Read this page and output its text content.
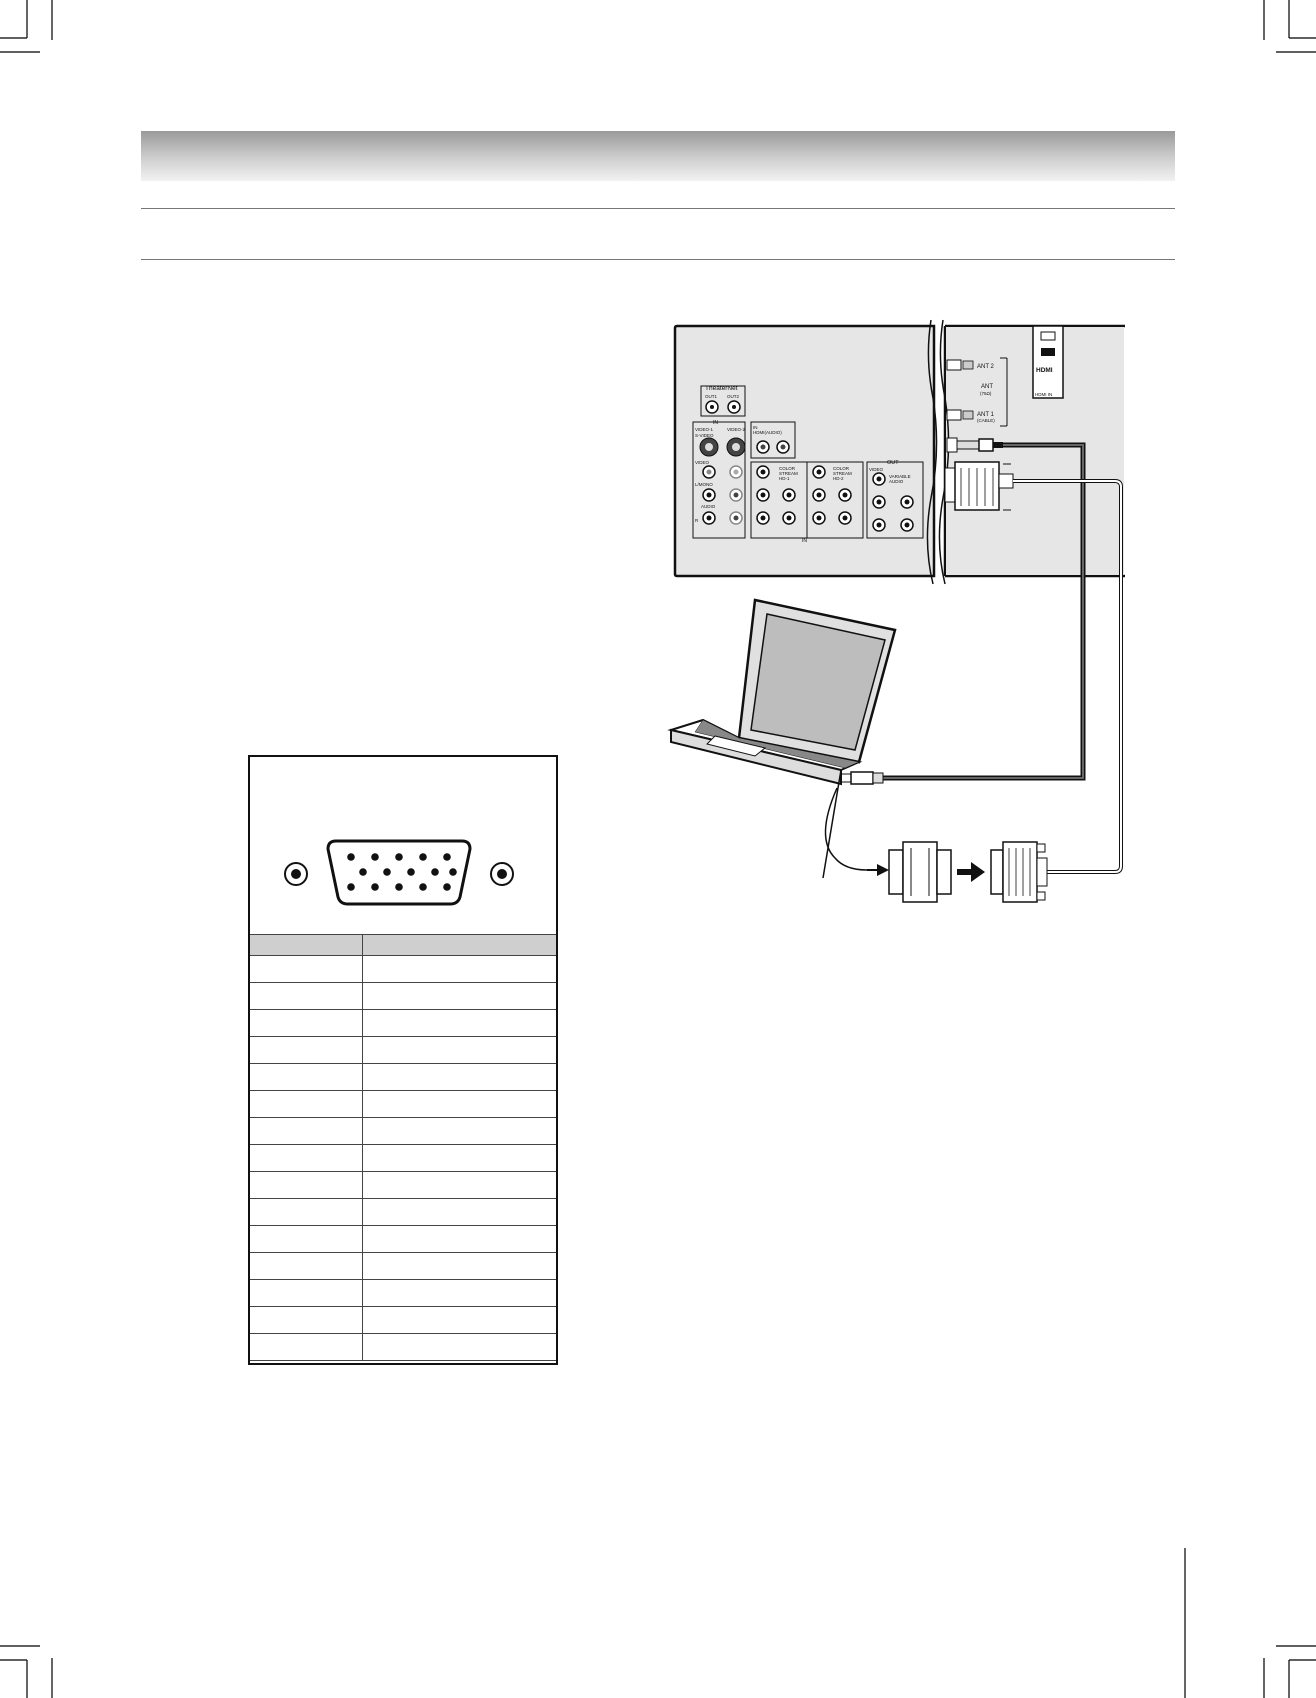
TheaterNet
OUT1 OUT2
IN
VIDEO-1	VIDEO-2
S-VIDEO
VIDEO
L/MONO
AUDIO
R
IN HDMI(AUDIO)
COLOR STREAM HD-1
COLOR STREAM HD-2
IN
OUT
VIDEO
VARIABLE AUDIO
ANT 2
ANT
(75Ω)
ANT 1
(CABLE)
HDMI
HDMI IN
